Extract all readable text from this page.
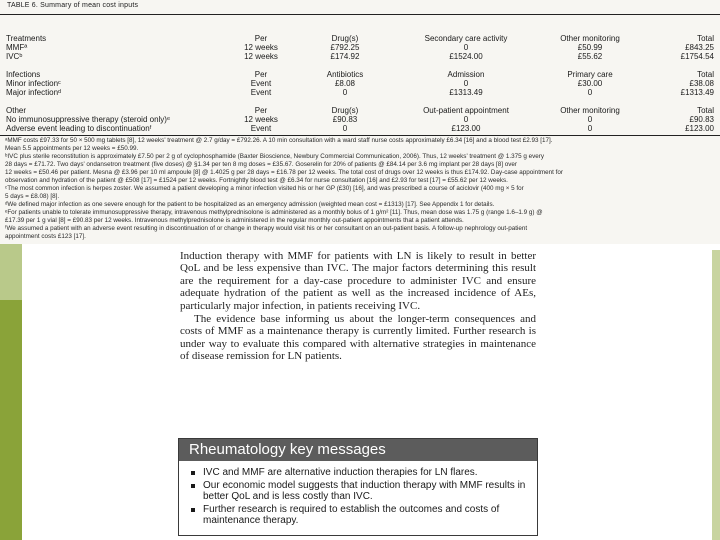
TABLE 6. Summary of mean cost inputs
Treatments	Per	Drug(s)	Secondary care activity	Other monitoring	Total
MMFª	12 weeks	£792.25	0	£50.99	£843.25
IVCᵇ	12 weeks	£174.92	£1524.00	£55.62	£1754.54
Infections	Per	Antibiotics	Admission	Primary care	Total
Minor infectionᶜ	Event	£8.08	0	£30.00	£38.08
Major infectionᵈ	Event	0	£1313.49	0	£1313.49
Other	Per	Drug(s)	Out-patient appointment	Other monitoring	Total
No immunosuppressive therapy (steroid only)ᵉ	12 weeks	£90.83	0	0	£90.83
Adverse event leading to discontinuationᶠ	Event	0	£123.00	0	£123.00
ᵃMMF costs £97.33 for 50 × 500 mg tablets [8], 12 weeks' treatment @ 2.7 g/day = £792.26. A 10 min consultation with a ward staff nurse costs approximately £6.34 [16] and a blood test £2.93 [17].
Mean 5.5 appointments per 12 weeks = £50.99.
ᵇIVC plus sterile reconstitution is approximately £7.50 per 2 g of cyclophosphamide (Baxter Bioscience, Newbury Commercial Communication, 2006). Thus, 12 weeks' treatment @ 1.375 g every
28 days = £71.72. Two days' ondansetron treatment (five doses) @ §1.34 per ten 8 mg doses = £35.67. Goserelin for 20% of patients @ £84.14 per 3.6 mg implant per 28 days [8] over
12 weeks = £50.46 per patient. Mesna @ £3.96 per 10 ml ampoule [8] @ 1.4025 g per 28 days = £16.78 per 12 weeks. The total cost of drugs over 12 weeks is thus £174.92. Day-case appointment for
observation and hydration of the patient @ £508 [17] = £1524 per 12 weeks. Fortnightly blood test @ £6.34 for nurse consultation [16] and £2.93 for test [17] = £55.62 per 12 weeks.
ᶜThe most common infection is herpes zoster. We assumed a patient developing a minor infection visited his or her GP (£30) [16], and was prescribed a course of aciclovir (400 mg × 5 for
5 days = £8.08) [8].
ᵈWe defined major infection as one severe enough for the patient to be hospitalized as an emergency admission (weighted mean cost = £1313) [17]. See Appendix 1 for details.
ᵉFor patients unable to tolerate immunosuppressive therapy, intravenous methylprednisolone is administered as a monthly bolus of 1 g/m² [11]. Thus, mean dose was 1.75 g (range 1.6–1.9 g) @
£17.39 per 1 g vial [8] = £90.83 per 12 weeks. Intravenous methylprednisolone is administered in the regular monthly out-patient appointments that a patient attends.
ᶠWe assumed a patient with an adverse event resulting in discontinuation of or change in therapy would visit his or her consultant on an out-patient basis. A follow-up nephrology out-patient
appointment costs £123 [17].

Induction therapy with MMF for patients with LN is likely to result in better QoL and be less expensive than IVC. The major factors determining this result are the requirement for a day-case procedure to administer IVC and ensure adequate hydration of the patient as well as the increased incidence of AEs, particularly major infection, in patients receiving IVC.

The evidence base informing us about the longer-term consequences and costs of MMF as a maintenance therapy is currently limited. Further research is under way to evaluate this compared with alternative strategies in maintenance of disease remission for LN patients.

Rheumatology key messages
IVC and MMF are alternative induction therapies for LN flares.
Our economic model suggests that induction therapy with MMF results in better QoL and is less costly than IVC.
Further research is required to establish the outcomes and costs of maintenance therapy.
